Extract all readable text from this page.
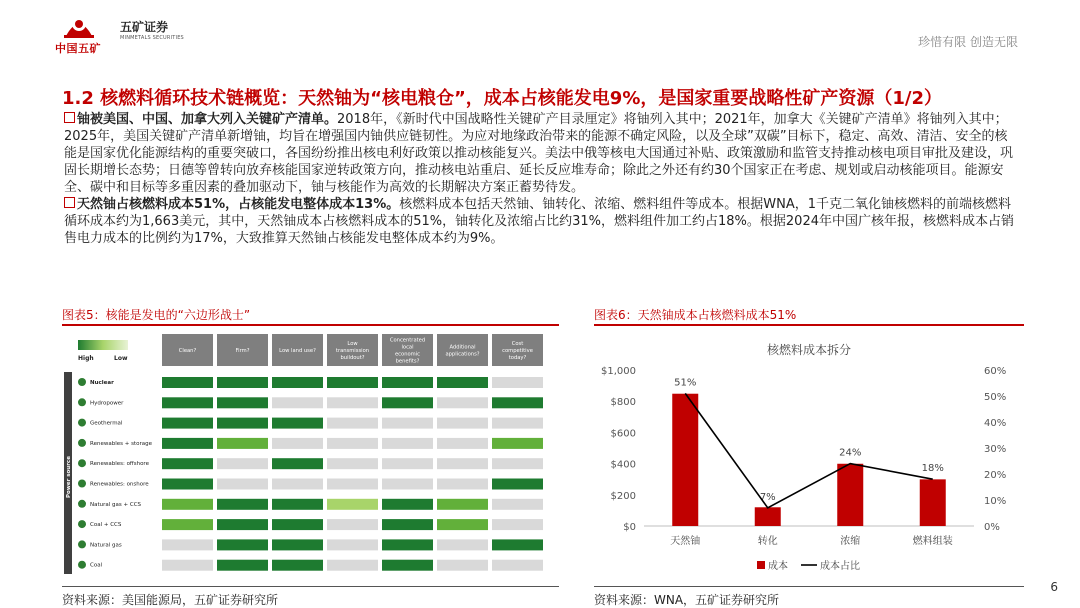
中国五矿
五矿证券
MINMETALS SECURITIES	珍惜有限 创造无限
1.2 核燃料循环技术链概览：天然铀为“核电粮仓”，成本占核能发电9%，是国家重要战略性矿产资源（1/2）
铀被美国、中国、加拿大列入关键矿产清单。2018年，《新时代中国战略性关键矿产目录厘定》将铀列入其中；2021年，加拿大《关键矿产清单》将铀列入其中；2025年，美国关键矿产清单新增铀，均旨在增强国内铀供应链韧性。为应对地缘政治带来的能源不确定风险，以及全球”双碳”目标下，稳定、高效、清洁、安全的核能是国家优化能源结构的重要突破口，各国纷纷推出核电利好政策以推动核能复兴。美法中俄等核电大国通过补贴、政策激励和监管支持推动核电项目审批及建设，巩固长期增长态势；日德等曾转向放弃核能国家逆转政策方向，推动核电站重启、延长反应堆寿命；除此之外还有约30个国家正在考虑、规划或启动核能项目。能源安全、碳中和目标等多重因素的叠加驱动下，铀与核能作为高效的长期解决方案正蓄势待发。
天然铀占核燃料成本51%，占核能发电整体成本13%。核燃料成本包括天然铀、铀转化、浓缩、燃料组件等成本。根据WNA，1千克二氧化铀核燃料的前端核燃料循环成本约为1,663美元，其中，天然铀成本占核燃料成本的51%，铀转化及浓缩占比约31%，燃料组件加工约占18%。根据2024年中国广核年报，核燃料成本占销售电力成本的比例约为17%，大致推算天然铀占核能发电整体成本约为9%。
图表5：核能是发电的“六边形战士”
High	Low
Clean?	Firm?	Low land use?
Low transmission buildout?
Concentrated local economic benefits?
Additional applications?
Cost competitive today?
Power source
Nuclear
Hydropower
Geothermal
Renewables + storage
Renewables: offshore
Renewables: onshore
Natural gas + CCS
Coal + CCS
Natural gas
Coal
资料来源：美国能源局，五矿证券研究所
图表6：天然铀成本占核燃料成本51%
核燃料成本拆分
$0
$200
$400
$600
$800
$1,000
0%
10%
20%
30%
40%
50%
60%
天然铀
51%
转化
7%
浓缩
24%
燃料组装
18%
成本	成本占比
资料来源：WNA，五矿证券研究所
6
